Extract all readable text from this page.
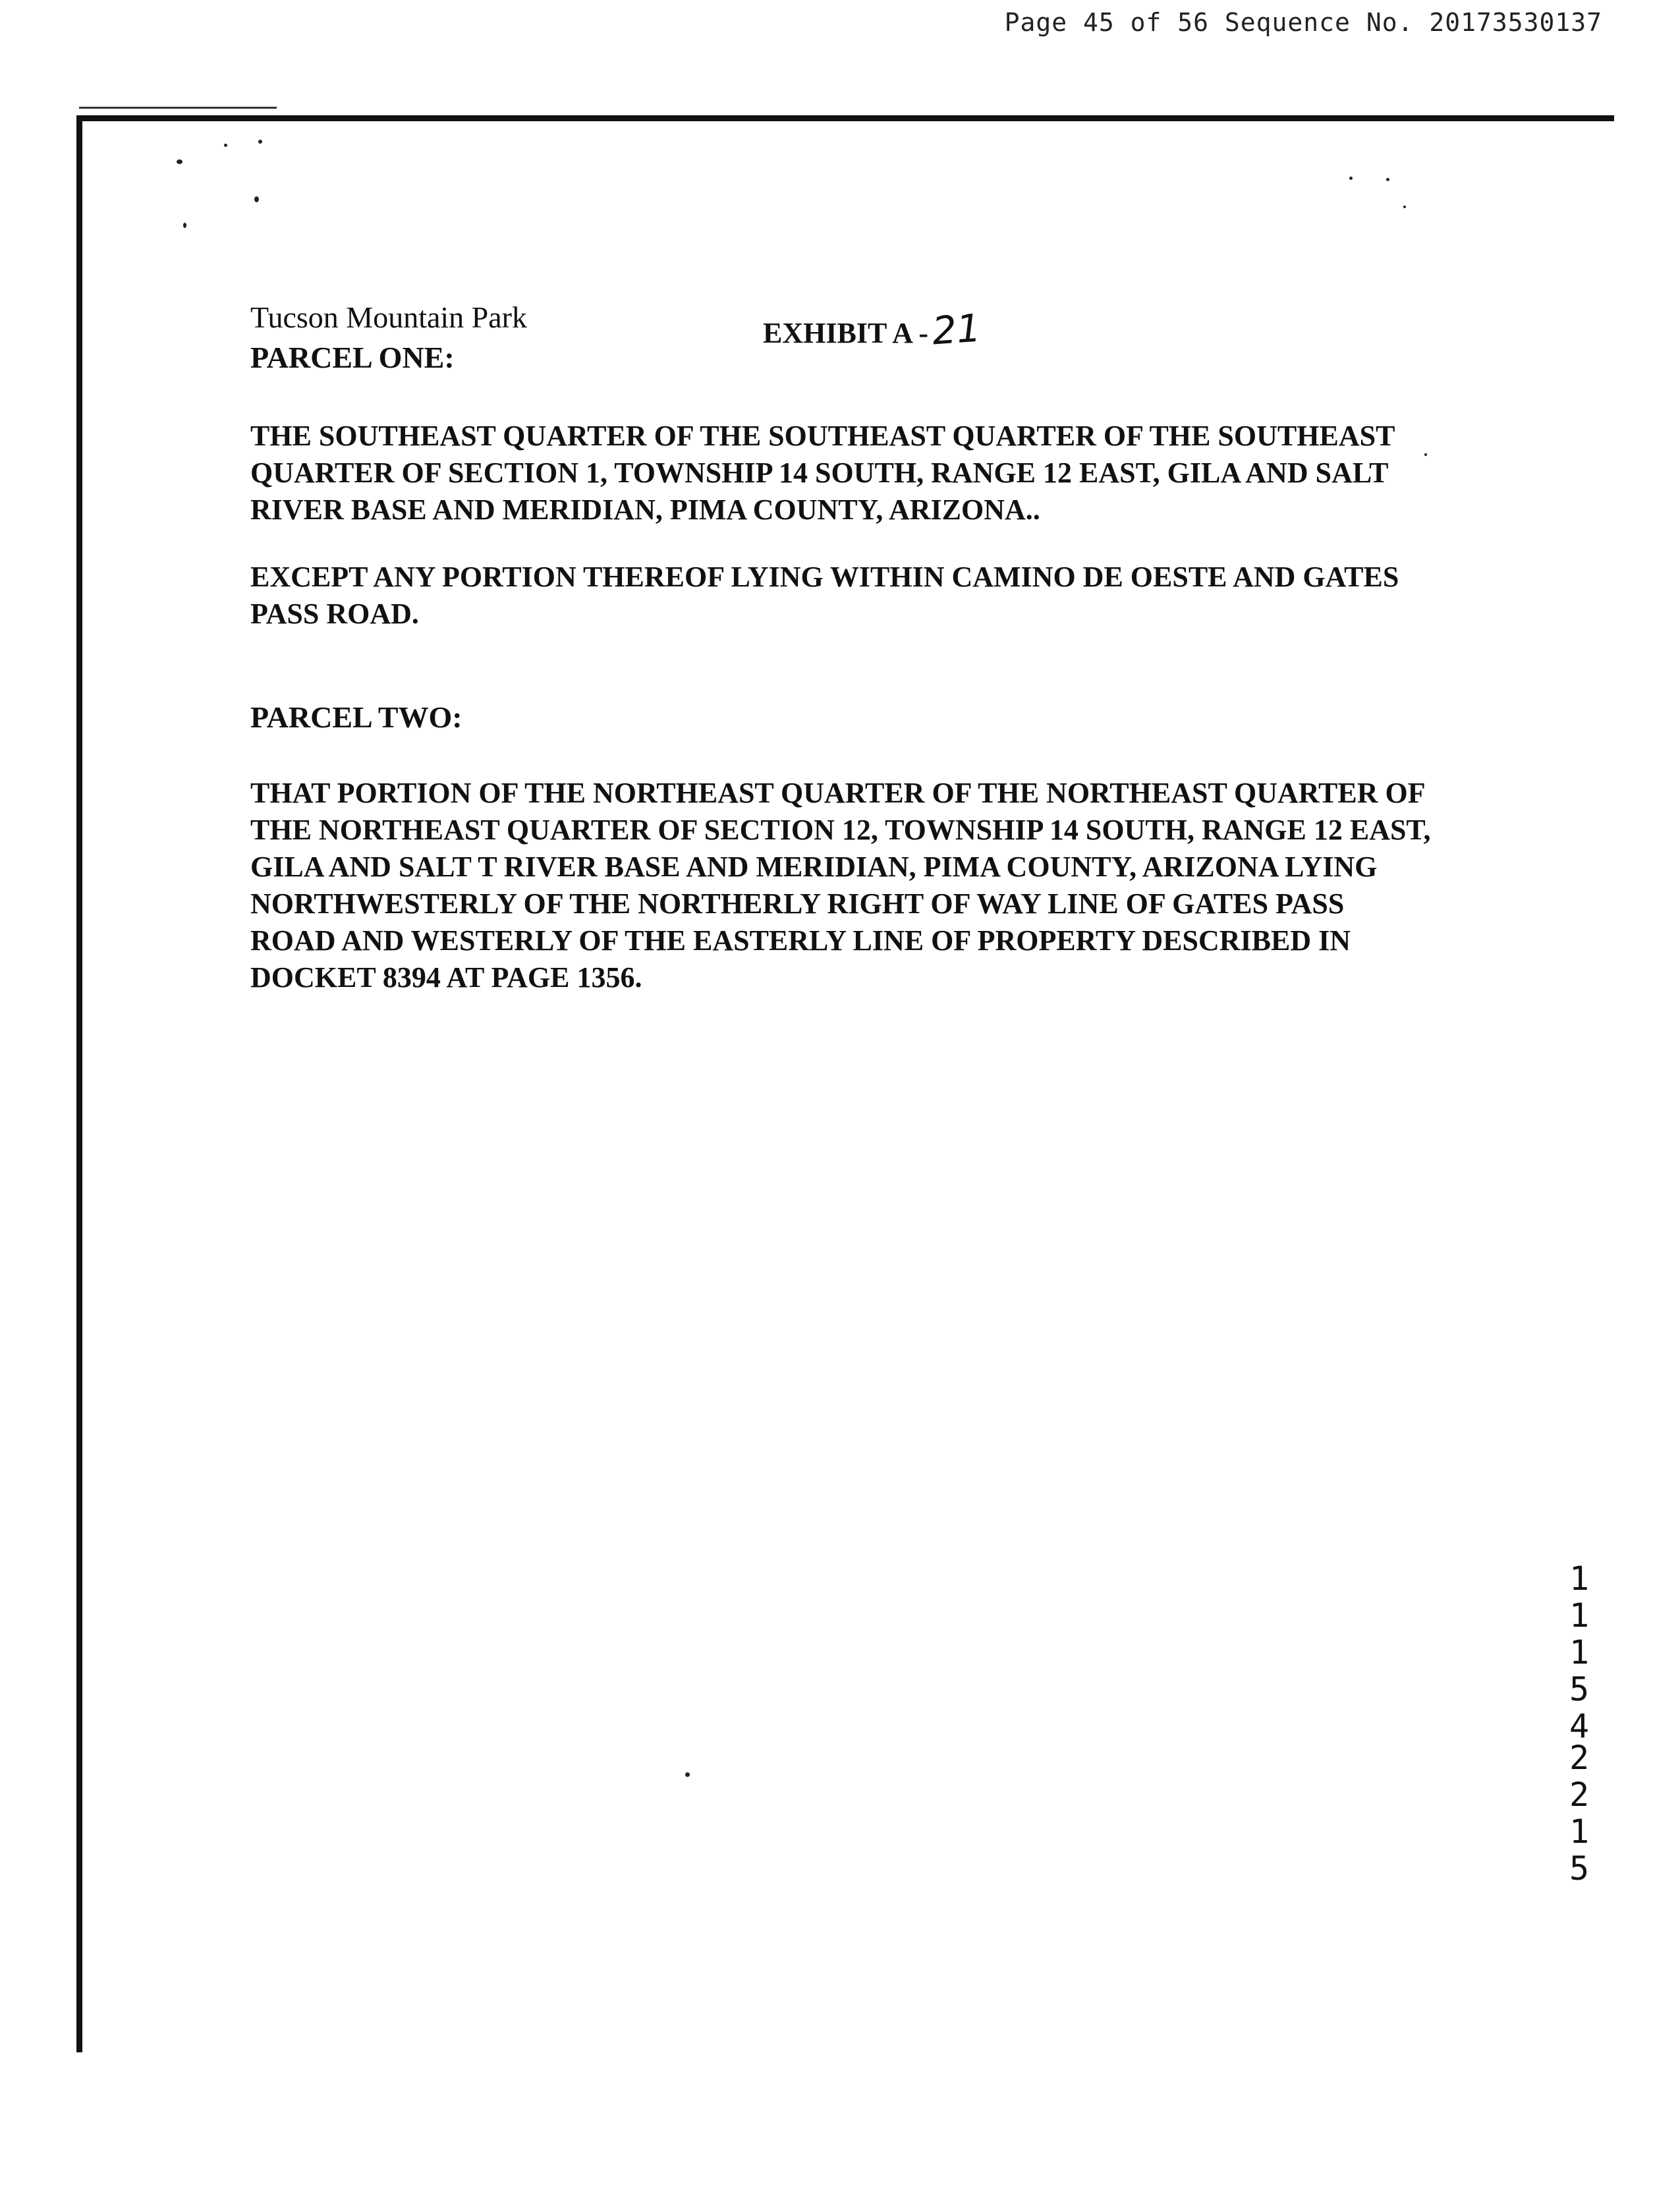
Page 45 of 56 Sequence No. 20173530137
Tucson Mountain Park	EXHIBIT A -21
PARCEL ONE:

THE SOUTHEAST QUARTER OF THE SOUTHEAST QUARTER OF THE SOUTHEAST QUARTER OF SECTION 1, TOWNSHIP 14 SOUTH, RANGE 12 EAST, GILA AND SALT RIVER BASE AND MERIDIAN, PIMA COUNTY, ARIZONA..

EXCEPT ANY PORTION THEREOF LYING WITHIN CAMINO DE OESTE AND GATES PASS ROAD.

PARCEL TWO:

THAT PORTION OF THE NORTHEAST QUARTER OF THE NORTHEAST QUARTER OF THE NORTHEAST QUARTER OF SECTION 12, TOWNSHIP 14 SOUTH, RANGE 12 EAST, GILA AND SALT T RIVER BASE AND MERIDIAN, PIMA COUNTY, ARIZONA LYING NORTHWESTERLY OF THE NORTHERLY RIGHT OF WAY LINE OF GATES PASS ROAD AND WESTERLY OF THE EASTERLY LINE OF PROPERTY DESCRIBED IN DOCKET 8394 AT PAGE 1356.

1
1
1
5
4
2
2
1
5
